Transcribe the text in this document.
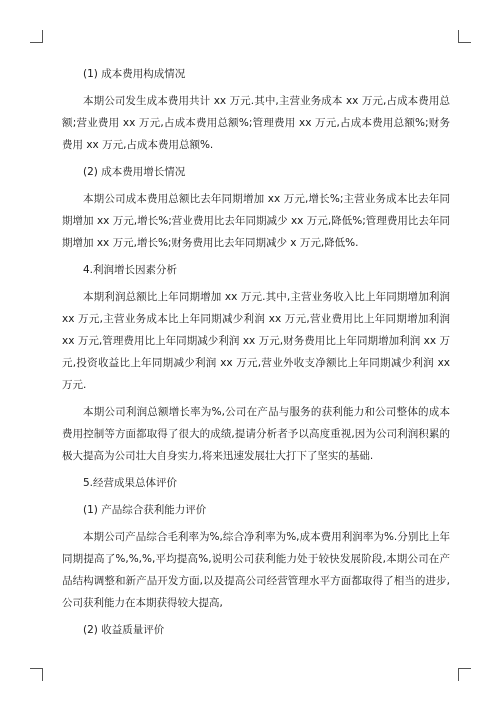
(1) 成本费用构成情况

本期公司发生成本费用共计 xx 万元.其中,主营业务成本 xx 万元,占成本费用总额;营业费用 xx 万元,占成本费用总额%;管理费用 xx 万元,占成本费用总额%;财务费用 xx 万元,占成本费用总额%.

(2) 成本费用增长情况

本期公司成本费用总额比去年同期增加 xx 万元,增长%;主营业务成本比去年同期增加 xx 万元,增长%;营业费用比去年同期减少 xx 万元,降低%;管理费用比去年同期增加 xx 万元,增长%;财务费用比去年同期减少 x 万元,降低%.

4.利润增长因素分析

本期利润总额比上年同期增加 xx 万元.其中,主营业务收入比上年同期增加利润 xx 万元,主营业务成本比上年同期减少利润 xx 万元,营业费用比上年同期增加利润 xx 万元,管理费用比上年同期减少利润 xx 万元,财务费用比上年同期增加利润 xx 万元,投资收益比上年同期减少利润 xx 万元,营业外收支净额比上年同期减少利润 xx 万元.

本期公司利润总额增长率为%,公司在产品与服务的获利能力和公司整体的成本费用控制等方面都取得了很大的成绩,提请分析者予以高度重视,因为公司利润积累的极大提高为公司壮大自身实力,将来迅速发展壮大打下了坚实的基础.

5.经营成果总体评价

(1) 产品综合获利能力评价

本期公司产品综合毛利率为%,综合净利率为%,成本费用利润率为%.分别比上年同期提高了%,%,%,平均提高%,说明公司获利能力处于较快发展阶段,本期公司在产品结构调整和新产品开发方面,以及提高公司经营管理水平方面都取得了相当的进步,公司获利能力在本期获得较大提高,

(2) 收益质量评价
